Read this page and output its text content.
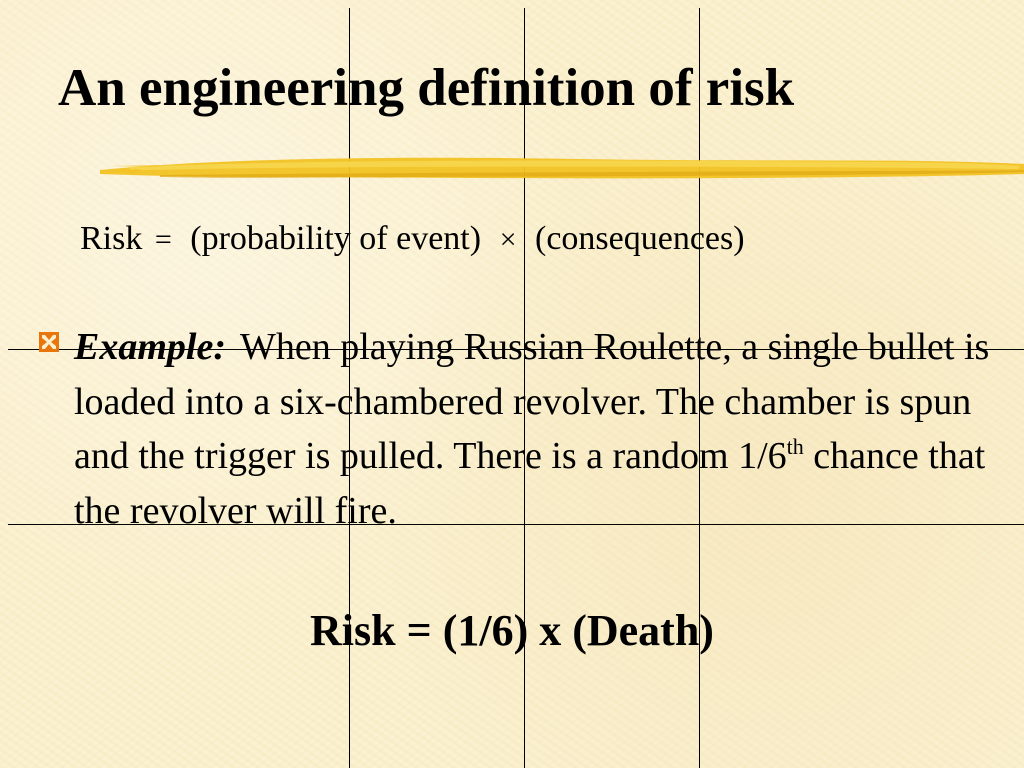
An engineering definition of risk
Risk = (probability of event) × (consequences)

Example: When playing Russian Roulette, a single bullet is loaded into a six-chambered revolver. The chamber is spun and the trigger is pulled. There is a random 1/6th chance that the revolver will fire.

Risk = (1/6) x (Death)
